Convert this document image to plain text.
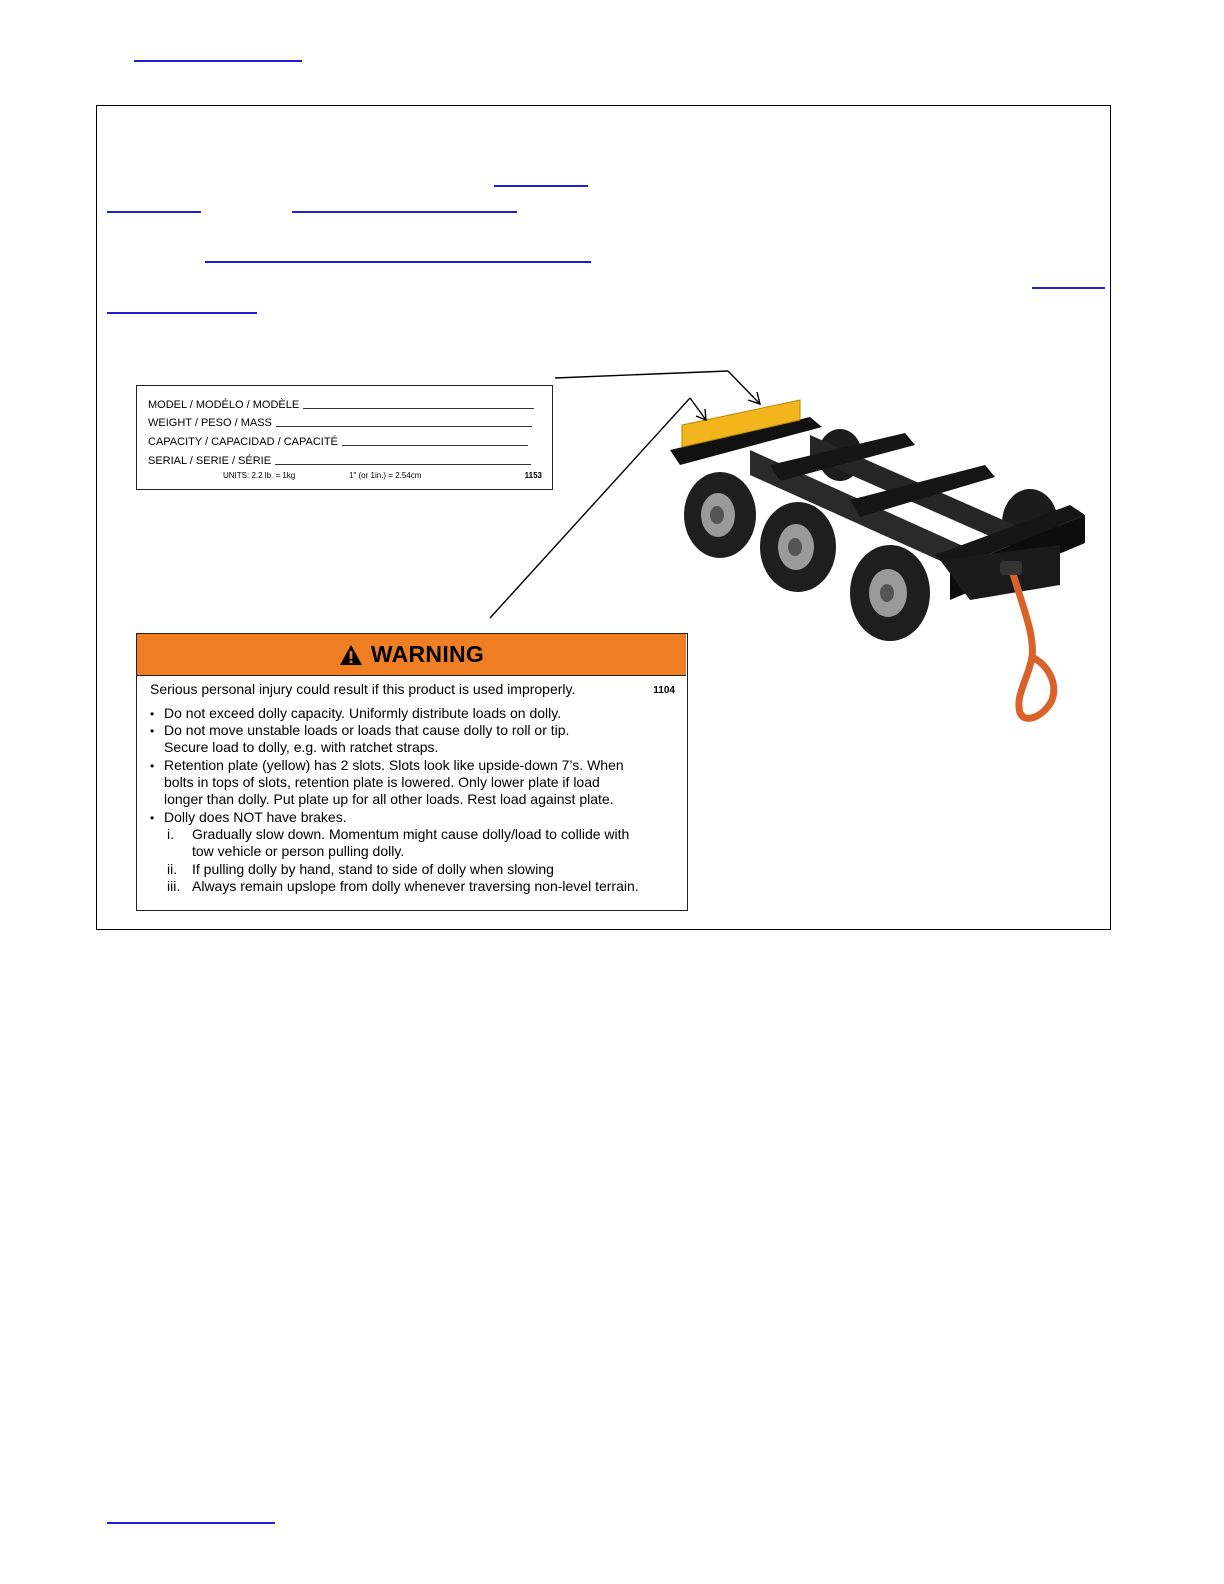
MODEL / MODÉLO / MODÈLE
WEIGHT / PESO / MASS
CAPACITY / CAPACIDAD / CAPACITÉ
SERIAL / SERIE / SÉRIE
UNITS: 2.2 lb. = 1kg	1" (or 1in.) = 2.54cm	1153
WARNING
Serious personal injury could result if this product is used improperly.	1104
• Do not exceed dolly capacity. Uniformly distribute loads on dolly.
• Do not move unstable loads or loads that cause dolly to roll or tip.
Secure load to dolly, e.g. with ratchet straps.
• Retention plate (yellow) has 2 slots. Slots look like upside-down 7’s. When
bolts in tops of slots, retention plate is lowered. Only lower plate if load
longer than dolly. Put plate up for all other loads. Rest load against plate.
• Dolly does NOT have brakes.
i. Gradually slow down. Momentum might cause dolly/load to collide with
tow vehicle or person pulling dolly.
ii. If pulling dolly by hand, stand to side of dolly when slowing
iii. Always remain upslope from dolly whenever traversing non-level terrain.
